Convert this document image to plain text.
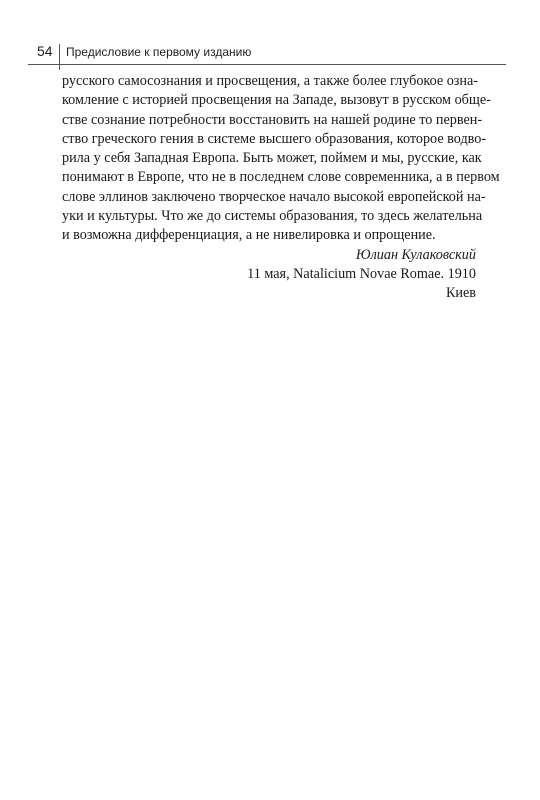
54 Предисловие к первому изданию
русского самосознания и просвещения, а также более глубокое озна-
комление с историей просвещения на Западе, вызовут в русском обще-
стве сознание потребности восстановить на нашей родине то первен-
ство греческого гения в системе высшего образования, которое водво-
рила у себя Западная Европа. Быть может, поймем и мы, русские, как
понимают в Европе, что не в последнем слове современника, а в первом
слове эллинов заключено творческое начало высокой европейской на-
уки и культуры. Что же до системы образования, то здесь желательна
и возможна дифференциация, а не нивелировка и опрощение.
Юлиан Кулаковский
11 мая, Natalicium Novae Romae. 1910
Киев
